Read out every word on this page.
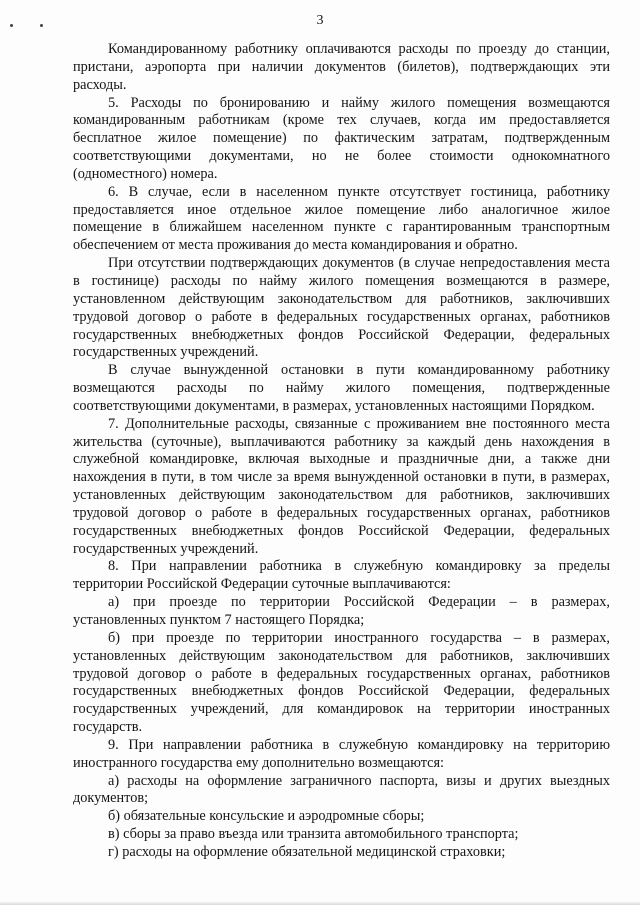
3

Командированному работнику оплачиваются расходы по проезду до станции, пристани, аэропорта при наличии документов (билетов), подтверждающих эти расходы.

5. Расходы по бронированию и найму жилого помещения возмещаются командированным работникам (кроме тех случаев, когда им предоставляется бесплатное жилое помещение) по фактическим затратам, подтвержденным соответствующими документами, но не более стоимости однокомнатного (одноместного) номера.

6. В случае, если в населенном пункте отсутствует гостиница, работнику предоставляется иное отдельное жилое помещение либо аналогичное жилое помещение в ближайшем населенном пункте с гарантированным транспортным обеспечением от места проживания до места командирования и обратно.

При отсутствии подтверждающих документов (в случае непредоставления места в гостинице) расходы по найму жилого помещения возмещаются в размере, установленном действующим законодательством для работников, заключивших трудовой договор о работе в федеральных государственных органах, работников государственных внебюджетных фондов Российской Федерации, федеральных государственных учреждений.

В случае вынужденной остановки в пути командированному работнику возмещаются расходы по найму жилого помещения, подтвержденные соответствующими документами, в размерах, установленных настоящими Порядком.

7. Дополнительные расходы, связанные с проживанием вне постоянного места жительства (суточные), выплачиваются работнику за каждый день нахождения в служебной командировке, включая выходные и праздничные дни, а также дни нахождения в пути, в том числе за время вынужденной остановки в пути, в размерах, установленных действующим законодательством для работников, заключивших трудовой договор о работе в федеральных государственных органах, работников государственных внебюджетных фондов Российской Федерации, федеральных государственных учреждений.

8. При направлении работника в служебную командировку за пределы территории Российской Федерации суточные выплачиваются:

а) при проезде по территории Российской Федерации – в размерах, установленных пунктом 7 настоящего Порядка;

б) при проезде по территории иностранного государства – в размерах, установленных действующим законодательством для работников, заключивших трудовой договор о работе в федеральных государственных органах, работников государственных внебюджетных фондов Российской Федерации, федеральных государственных учреждений, для командировок на территории иностранных государств.

9. При направлении работника в служебную командировку на территорию иностранного государства ему дополнительно возмещаются:

а) расходы на оформление заграничного паспорта, визы и других выездных документов;

б) обязательные консульские и аэродромные сборы;

в) сборы за право въезда или транзита автомобильного транспорта;

г) расходы на оформление обязательной медицинской страховки;
